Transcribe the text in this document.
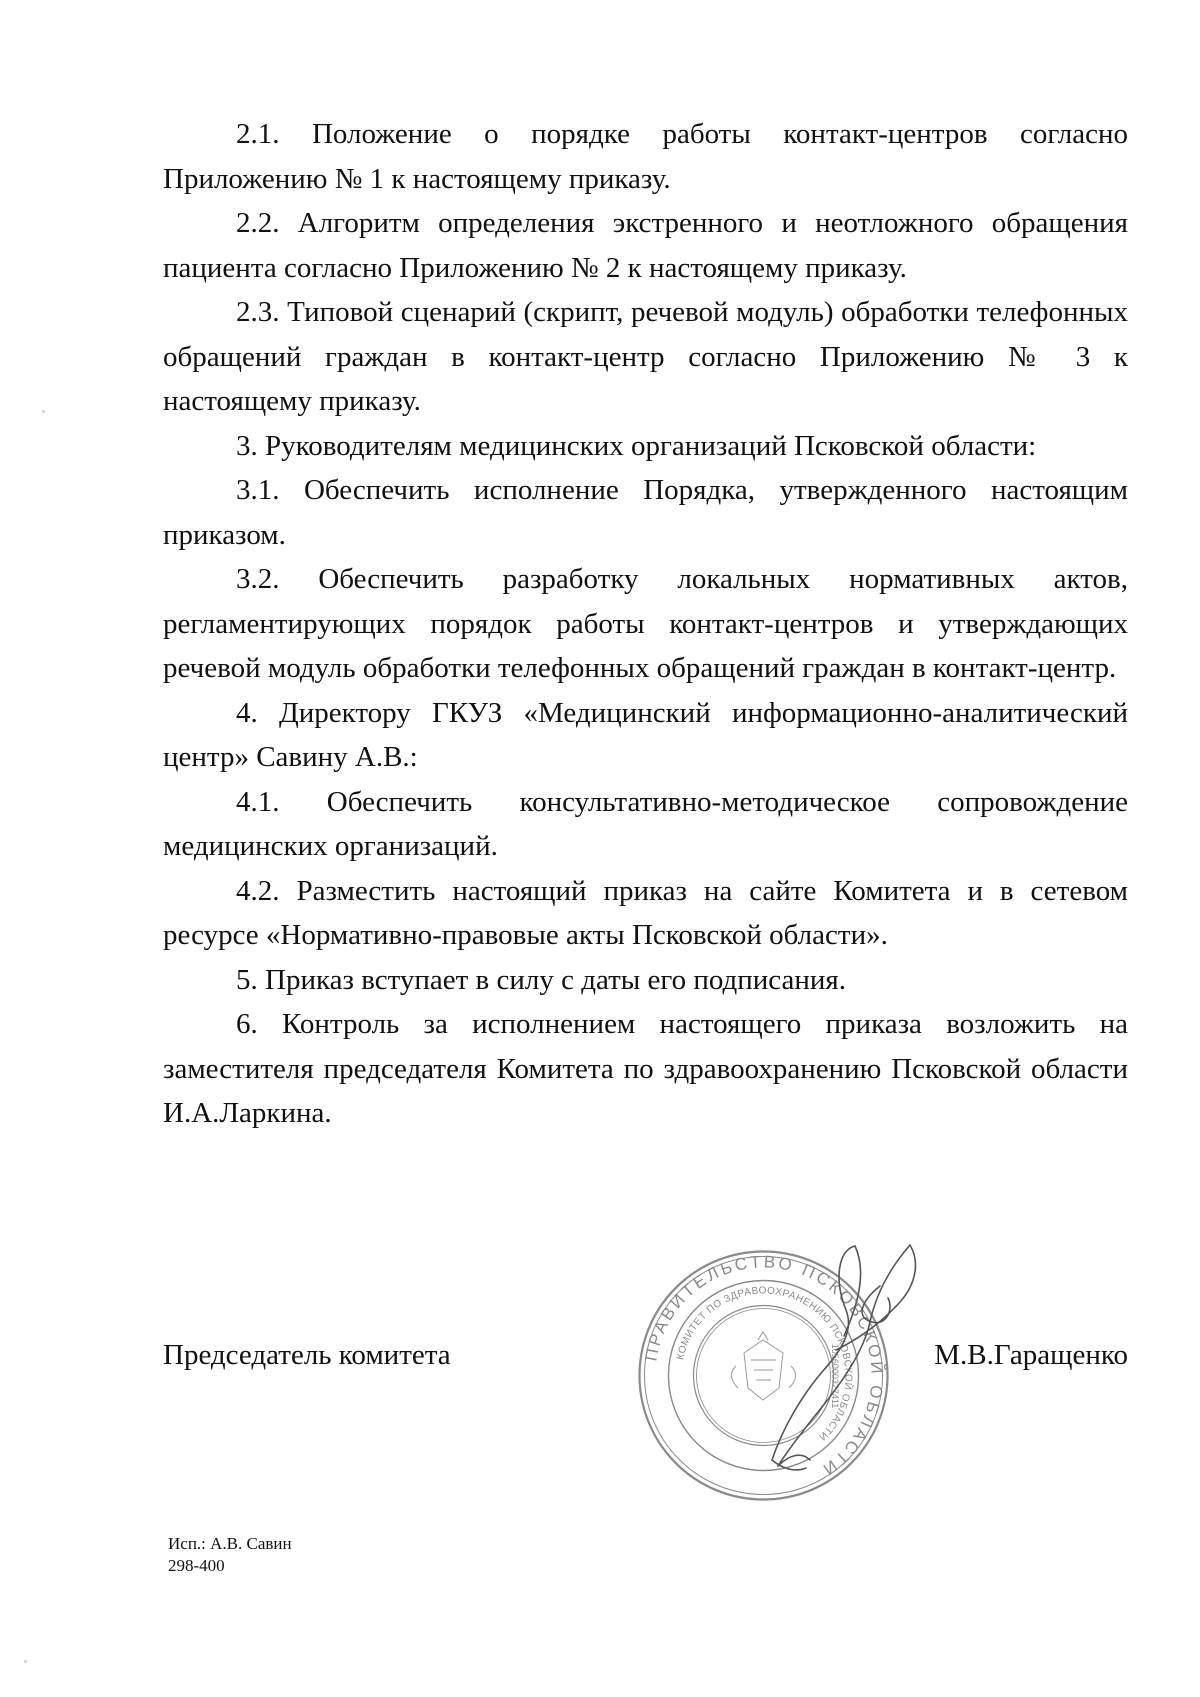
2.1. Положение о порядке работы контакт-центров согласно Приложению № 1 к настоящему приказу.

2.2. Алгоритм определения экстренного и неотложного обращения пациента согласно Приложению № 2 к настоящему приказу.

2.3. Типовой сценарий (скрипт, речевой модуль) обработки телефонных обращений граждан в контакт-центр согласно Приложению № 3 к настоящему приказу.

3. Руководителям медицинских организаций Псковской области:

3.1. Обеспечить исполнение Порядка, утвержденного настоящим приказом.

3.2. Обеспечить разработку локальных нормативных актов, регламентирующих порядок работы контакт-центров и утверждающих речевой модуль обработки телефонных обращений граждан в контакт-центр.

4. Директору ГКУЗ «Медицинский информационно-аналитический центр» Савину А.В.:

4.1. Обеспечить консультативно-методическое сопровождение медицинских организаций.

4.2. Разместить настоящий приказ на сайте Комитета и в сетевом ресурсе «Нормативно-правовые акты Псковской области».

5. Приказ вступает в силу с даты его подписания.

6. Контроль за исполнением настоящего приказа возложить на заместителя председателя Комитета по здравоохранению Псковской области И.А.Ларкина.

ПРАВИТЕЛЬСТВО ПСКОВСКОЙ ОБЛАСТИ
КОМИТЕТ ПО ЗДРАВООХРАНЕНИЮ ПСКОВСКОЙ ОБЛАСТИ
1056000327411
Председатель комитета	М.В.Гаращенко
Исп.: А.В. Савин
298-400
